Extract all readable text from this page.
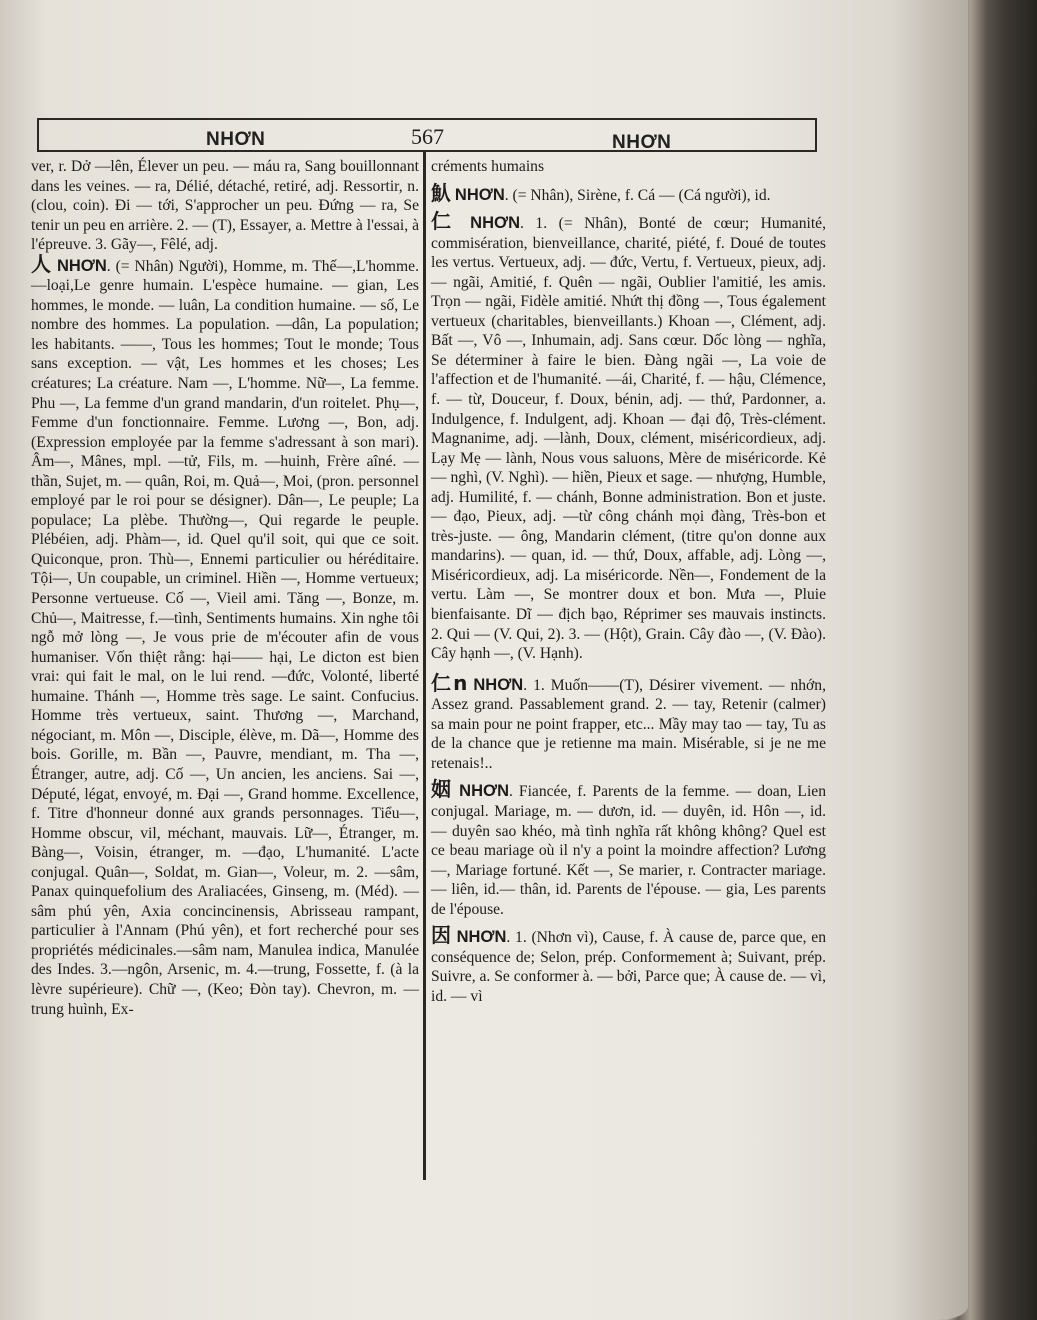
NHƠN	567	NHƠN

ver, r. Dở —lên, Élever un peu. — máu ra, Sang bouillonnant dans les veines. — ra, Délié, détaché, retiré, adj. Ressortir, n. (clou, coin). Đi — tới, S'approcher un peu. Đứng — ra, Se tenir un peu en arrière. 2. — (T), Essayer, a. Mettre à l'essai, à l'épreuve. 3. Gãy—, Fêlé, adj.

人 NHƠN. (= Nhân) Người), Homme, m. Thế—,L'homme. —loại,Le genre humain. L'espèce humaine. — gian, Les hommes, le monde. — luân, La condition humaine. — số, Le nombre des hommes. La population. —dân, La population; les habitants. ——, Tous les hommes; Tout le monde; Tous sans exception. — vật, Les hommes et les choses; Les créatures; La créature. Nam —, L'homme. Nữ—, La femme. Phu —, La femme d'un grand mandarin, d'un roitelet. Phụ—, Femme d'un fonctionnaire. Femme. Lương —, Bon, adj. (Expression employée par la femme s'adressant à son mari). Âm—, Mânes, mpl. —tử, Fils, m. —huinh, Frère aîné. —thần, Sujet, m. — quân, Roi, m. Quả—, Moi, (pron. personnel employé par le roi pour se désigner). Dân—, Le peuple; La populace; La plèbe. Thường—, Qui regarde le peuple. Plébéien, adj. Phàm—, id. Quel qu'il soit, qui que ce soit. Quiconque, pron. Thù—, Ennemi particulier ou héréditaire. Tội—, Un coupable, un criminel. Hiền —, Homme vertueux; Personne vertueuse. Cố —, Vieil ami. Tăng —, Bonze, m. Chủ—, Maitresse, f.—tình, Sentiments humains. Xin nghe tôi ngỗ mở lòng —, Je vous prie de m'écouter afin de vous humaniser. Vốn thiệt rằng: hại—— hại, Le dicton est bien vrai: qui fait le mal, on le lui rend. —đức, Volonté, liberté humaine. Thánh —, Homme très sage. Le saint. Confucius. Homme très vertueux, saint. Thương —, Marchand, négociant, m. Môn —, Disciple, élève, m. Dã—, Homme des bois. Gorille, m. Bần —, Pauvre, mendiant, m. Tha —, Étranger, autre, adj. Cố —, Un ancien, les anciens. Sai —, Député, légat, envoyé, m. Đại —, Grand homme. Excellence, f. Titre d'honneur donné aux grands personnages. Tiểu—, Homme obscur, vil, méchant, mauvais. Lữ—, Étranger, m. Bàng—, Voisin, étranger, m. —đạo, L'humanité. L'acte conjugal. Quân—, Soldat, m. Gian—, Voleur, m. 2. —sâm, Panax quinquefolium des Araliacées, Ginseng, m. (Méd). —sâm phú yên, Axia concincinensis, Abrisseau rampant, particulier à l'Annam (Phú yên), et fort recherché pour ses propriétés médicinales.—sâm nam, Manulea indica, Manulée des Indes. 3.—ngôn, Arsenic, m. 4.—trung, Fossette, f. (à la lèvre supérieure). Chữ —, (Keo; Đòn tay). Chevron, m. —trung huình, Ex-

créments humains

魜 NHƠN. (= Nhân), Sirène, f. Cá — (Cá người), id.

仁 NHƠN. 1. (= Nhân), Bonté de cœur; Humanité, commisération, bienveillance, charité, piété, f. Doué de toutes les vertus. Vertueux, adj. — đức, Vertu, f. Vertueux, pieux, adj. — ngãi, Amitié, f. Quên — ngãi, Oublier l'amitié, les amis. Trọn — ngãi, Fidèle amitié. Nhứt thị đồng —, Tous également vertueux (charitables, bienveillants.) Khoan —, Clément, adj. Bất —, Vô —, Inhumain, adj. Sans cœur. Dốc lòng — nghĩa, Se déterminer à faire le bien. Đàng ngãi —, La voie de l'affection et de l'humanité. —ái, Charité, f. — hậu, Clémence, f. — từ, Douceur, f. Doux, bénin, adj. — thứ, Pardonner, a. Indulgence, f. Indulgent, adj. Khoan — đại độ, Très-clément. Magnanime, adj. —lành, Doux, clément, miséricordieux, adj. Lạy Mẹ — lành, Nous vous saluons, Mère de miséricorde. Kẻ — nghì, (V. Nghì). — hiền, Pieux et sage. — nhượng, Humble, adj. Humilité, f. — chánh, Bonne administration. Bon et juste. — đạo, Pieux, adj. —từ công chánh mọi đàng, Très-bon et très-juste. — ông, Mandarin clément, (titre qu'on donne aux mandarins). — quan, id. — thứ, Doux, affable, adj. Lòng —, Miséricordieux, adj. La miséricorde. Nền—, Fondement de la vertu. Làm —, Se montrer doux et bon. Mưa —, Pluie bienfaisante. Dĩ — địch bạo, Réprimer ses mauvais instincts. 2. Qui — (V. Qui, 2). 3. — (Hột), Grain. Cây đào —, (V. Đào). Cây hạnh —, (V. Hạnh).

仁n NHƠN. 1. Muốn——(T), Désirer vivement. — nhớn, Assez grand. Passablement grand. 2. — tay, Retenir (calmer) sa main pour ne point frapper, etc... Mầy may tao — tay, Tu as de la chance que je retienne ma main. Misérable, si je ne me retenais!..

姻 NHƠN. Fiancée, f. Parents de la femme. — doan, Lien conjugal. Mariage, m. — dươn, id. — duyên, id. Hôn —, id. — duyên sao khéo, mà tình nghĩa rất không không? Quel est ce beau mariage où il n'y a point la moindre affection? Lương —, Mariage fortuné. Kết —, Se marier, r. Contracter mariage.— liên, id.— thân, id. Parents de l'épouse. — gia, Les parents de l'épouse.

因 NHƠN. 1. (Nhơn vì), Cause, f. À cause de, parce que, en conséquence de; Selon, prép. Conformement à; Suivant, prép. Suivre, a. Se conformer à. — bởi, Parce que; À cause de. — vì, id. — vì
